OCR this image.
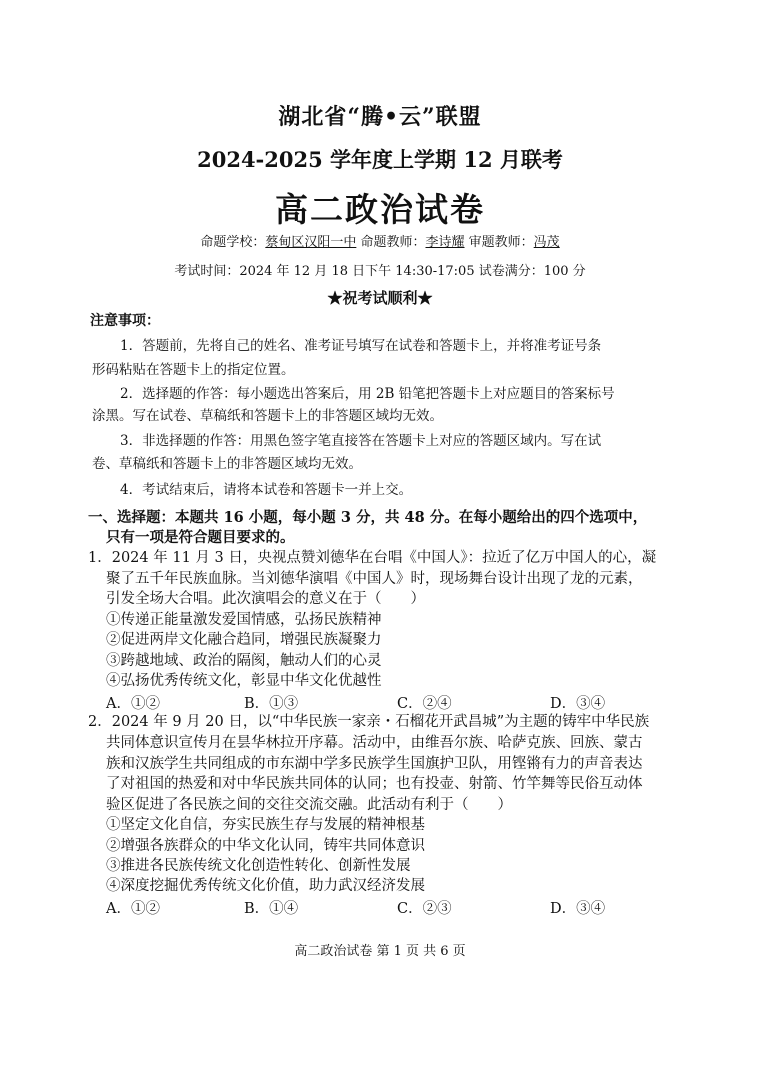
湖北省“腾•云”联盟
2024-2025 学年度上学期 12 月联考
高二政治试卷
命题学校：蔡甸区汉阳一中 命题教师：李诗耀 审题教师：冯茂
考试时间：2024 年 12 月 18 日下午 14:30-17:05 试卷满分：100 分
★祝考试顺利★
注意事项：
1．答题前，先将自己的姓名、准考证号填写在试卷和答题卡上，并将准考证号条
形码粘贴在答题卡上的指定位置。
2．选择题的作答：每小题选出答案后，用 2B 铅笔把答题卡上对应题目的答案标号
涂黑。写在试卷、草稿纸和答题卡上的非答题区域均无效。
3．非选择题的作答：用黑色签字笔直接答在答题卡上对应的答题区域内。写在试
卷、草稿纸和答题卡上的非答题区域均无效。
4．考试结束后，请将本试卷和答题卡一并上交。
一、选择题：本题共 16 小题，每小题 3 分，共 48 分。在每小题给出的四个选项中，
只有一项是符合题目要求的。
1．2024 年 11 月 3 日，央视点赞刘德华在台唱《中国人》：拉近了亿万中国人的心，凝
聚了五千年民族血脉。当刘德华演唱《中国人》时，现场舞台设计出现了龙的元素，
引发全场大合唱。此次演唱会的意义在于（　　）
①传递正能量激发爱国情感，弘扬民族精神
②促进两岸文化融合趋同，增强民族凝聚力
③跨越地域、政治的隔阂，触动人们的心灵
④弘扬优秀传统文化，彰显中华文化优越性
A．①②	B．①③	C．②④	D．③④
2．2024 年 9 月 20 日，以“中华民族一家亲・石榴花开武昌城”为主题的铸牢中华民族
共同体意识宣传月在昙华林拉开序幕。活动中，由维吾尔族、哈萨克族、回族、蒙古
族和汉族学生共同组成的市东湖中学多民族学生国旗护卫队，用铿锵有力的声音表达
了对祖国的热爱和对中华民族共同体的认同；也有投壶、射箭、竹竿舞等民俗互动体
验区促进了各民族之间的交往交流交融。此活动有利于（　　）
①坚定文化自信，夯实民族生存与发展的精神根基
②增强各族群众的中华文化认同，铸牢共同体意识
③推进各民族传统文化创造性转化、创新性发展
④深度挖掘优秀传统文化价值，助力武汉经济发展
A．①②	B．①④	C．②③	D．③④
高二政治试卷 第 1 页 共 6 页
